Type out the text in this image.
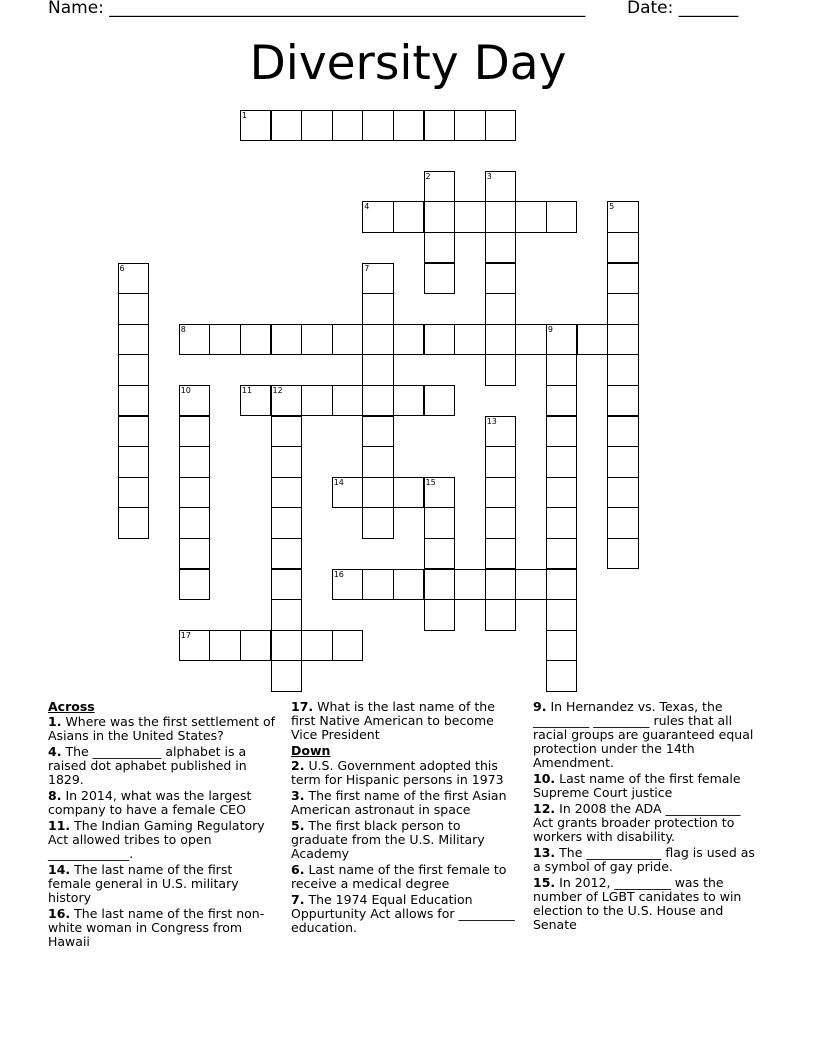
Name: ________________________________________________________ Date: _______
Diversity Day
1
2	3
4	5
6	7
8	9
10	11	12
13
14	15
16
17
Across
1. Where was the first settlement of Asians in the United States?
4. The ___________ alphabet is a raised dot aphabet published in 1829.
8. In 2014, what was the largest company to have a female CEO
11. The Indian Gaming Regulatory Act allowed tribes to open _____________.
14. The last name of the first female general in U.S. military history
16. The last name of the first non-white woman in Congress from Hawaii
17. What is the last name of the first Native American to become Vice President
Down
2. U.S. Government adopted this term for Hispanic persons in 1973
3. The first name of the first Asian American astronaut in space
5. The first black person to graduate from the U.S. Military Academy
6. Last name of the first female to receive a medical degree
7. The 1974 Equal Education Oppurtunity Act allows for _________ education.
9. In Hernandez vs. Texas, the _________ _________ rules that all racial groups are guaranteed equal protection under the 14th Amendment.
10. Last name of the first female Supreme Court justice
12. In 2008 the ADA ____________ Act grants broader protection to workers with disability.
13. The ____________ flag is used as a symbol of gay pride.
15. In 2012, _________ was the number of LGBT canidates to win election to the U.S. House and Senate
